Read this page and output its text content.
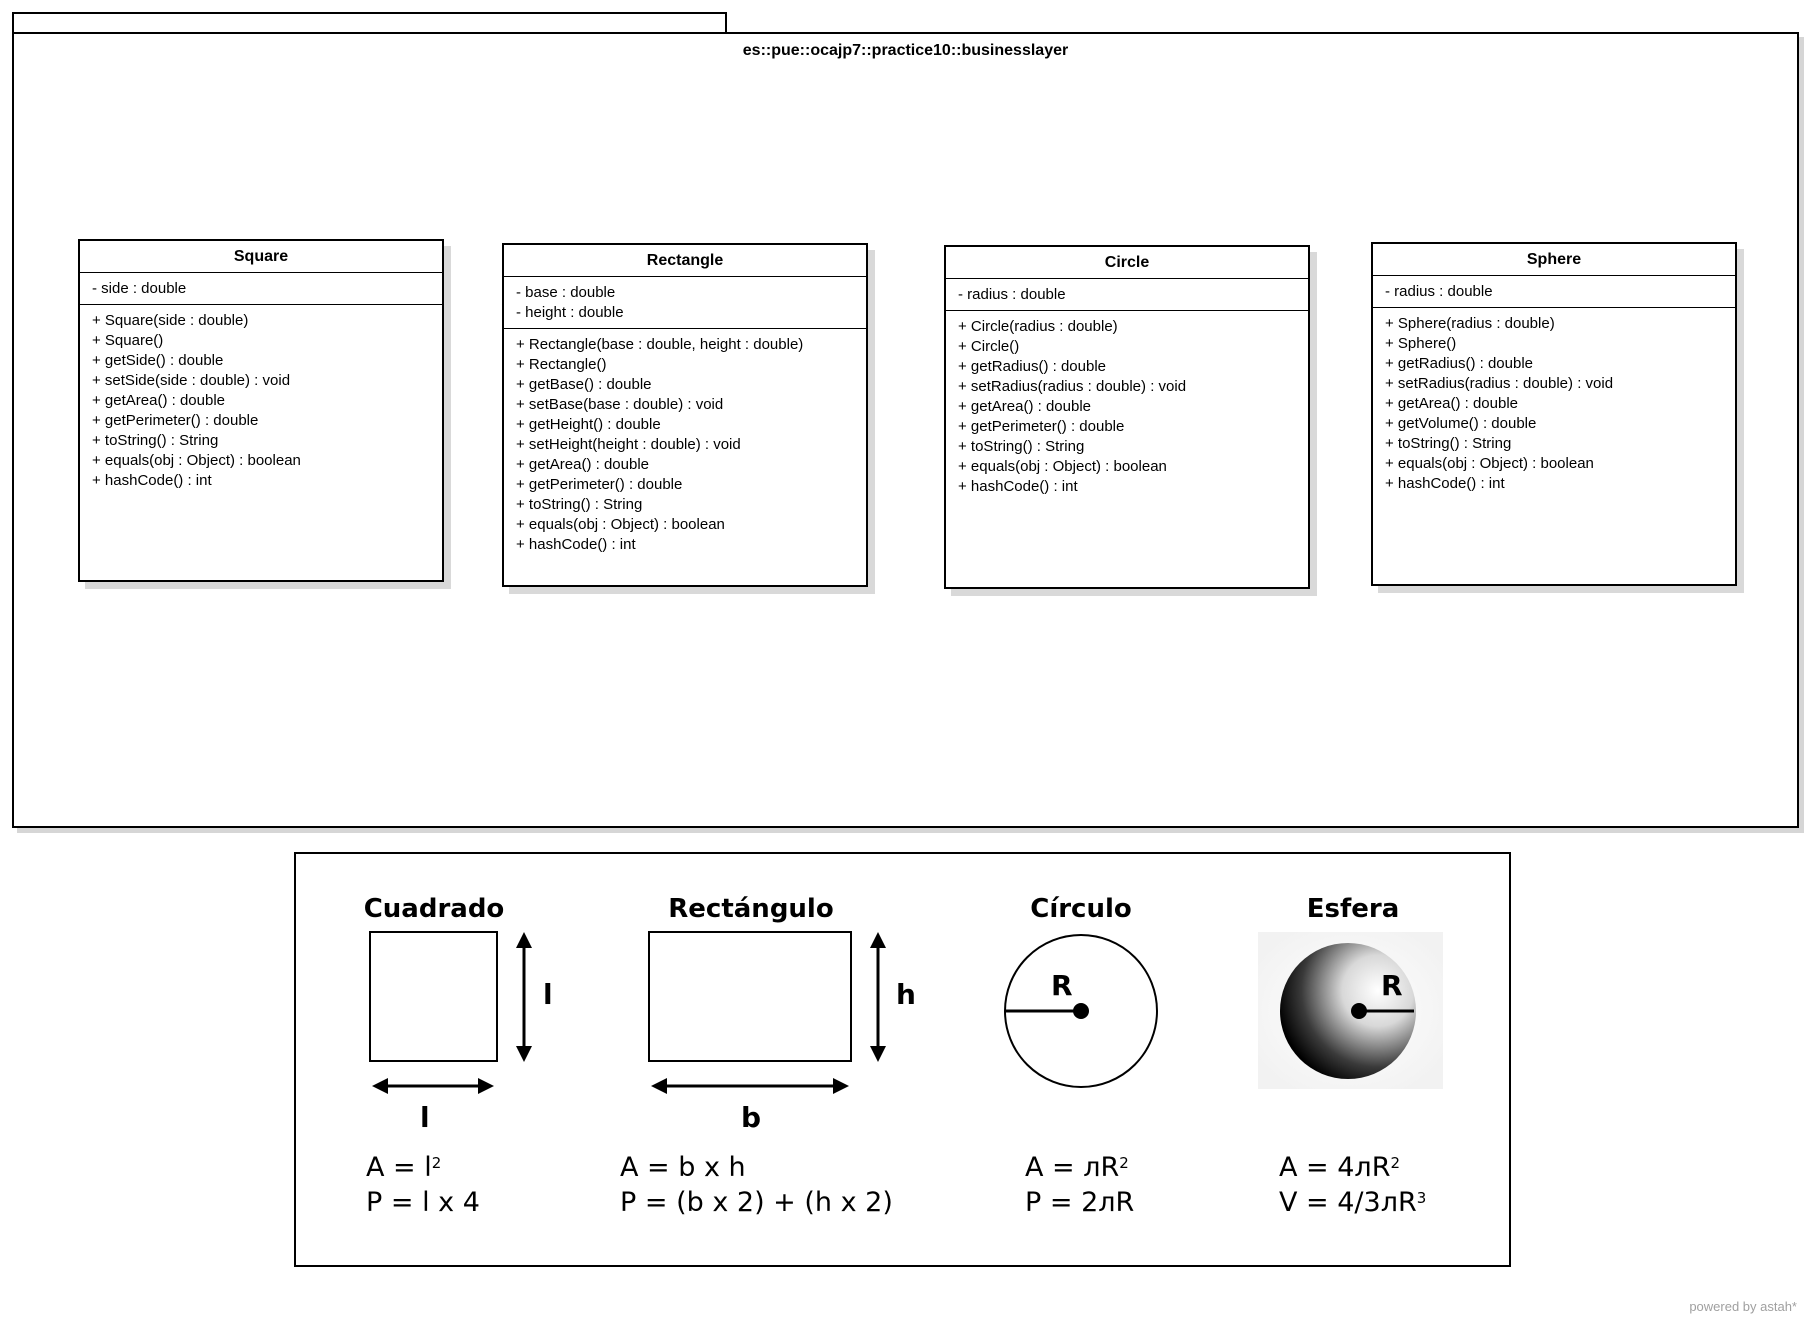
es::pue::ocajp7::practice10::businesslayer
Square
- side : double
+ Square(side : double)
+ Square()
+ getSide() : double
+ setSide(side : double) : void
+ getArea() : double
+ getPerimeter() : double
+ toString() : String
+ equals(obj : Object) : boolean
+ hashCode() : int
Rectangle
- base : double
- height : double
+ Rectangle(base : double, height : double)
+ Rectangle()
+ getBase() : double
+ setBase(base : double) : void
+ getHeight() : double
+ setHeight(height : double) : void
+ getArea() : double
+ getPerimeter() : double
+ toString() : String
+ equals(obj : Object) : boolean
+ hashCode() : int
Circle
- radius : double
+ Circle(radius : double)
+ Circle()
+ getRadius() : double
+ setRadius(radius : double) : void
+ getArea() : double
+ getPerimeter() : double
+ toString() : String
+ equals(obj : Object) : boolean
+ hashCode() : int
Sphere
- radius : double
+ Sphere(radius : double)
+ Sphere()
+ getRadius() : double
+ setRadius(radius : double) : void
+ getArea() : double
+ getVolume() : double
+ toString() : String
+ equals(obj : Object) : boolean
+ hashCode() : int
Cuadrado	Rectángulo	Círculo	Esfera
l
l
h
b
R	R
$A = l^2$
P = l x 4
A = b x h
P = (b x 2) + (h x 2)
$A = лR^2$
P = 2лR
$A = 4лR^2$
$V = 4/3лR^3$
powered by astah*
